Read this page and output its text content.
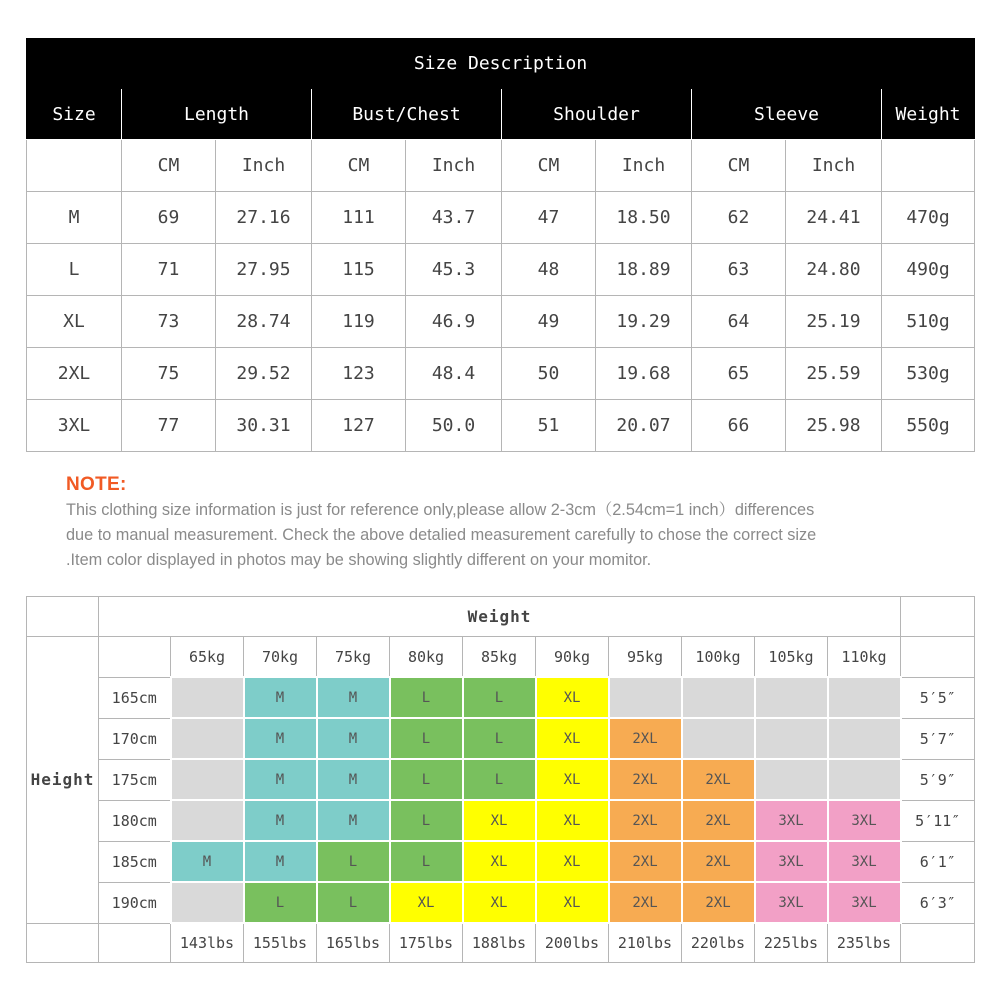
Size Description									
Size	Length		Bust/Chest		Shoulder		Sleeve		Weight
	CM	Inch	CM	Inch	CM	Inch	CM	Inch	
M	69	27.16	111	43.7	47	18.50	62	24.41	470g
L	71	27.95	115	45.3	48	18.89	63	24.80	490g
XL	73	28.74	119	46.9	49	19.29	64	25.19	510g
2XL	75	29.52	123	48.4	50	19.68	65	25.59	530g
3XL	77	30.31	127	50.0	51	20.07	66	25.98	550g
NOTE:
This clothing size information is just for reference only,please allow 2-3cm（2.54cm=1 inch）differences
due to manual measurement. Check the above detalied measurement carefully to chose the correct size
.Item color displayed in photos may be showing slightly different on your momitor.
	Weight											
Height		65kg	70kg	75kg	80kg	85kg	90kg	95kg	100kg	105kg	110kg	
	165cm		M	M	L	L	XL					5′5″
	170cm		M	M	L	L	XL	2XL				5′7″
	175cm		M	M	L	L	XL	2XL	2XL			5′9″
	180cm		M	M	L	XL	XL	2XL	2XL	3XL	3XL	5′11″
	185cm	M	M	L	L	XL	XL	2XL	2XL	3XL	3XL	6′1″
	190cm		L	L	XL	XL	XL	2XL	2XL	3XL	3XL	6′3″
		143lbs	155lbs	165lbs	175lbs	188lbs	200lbs	210lbs	220lbs	225lbs	235lbs	
